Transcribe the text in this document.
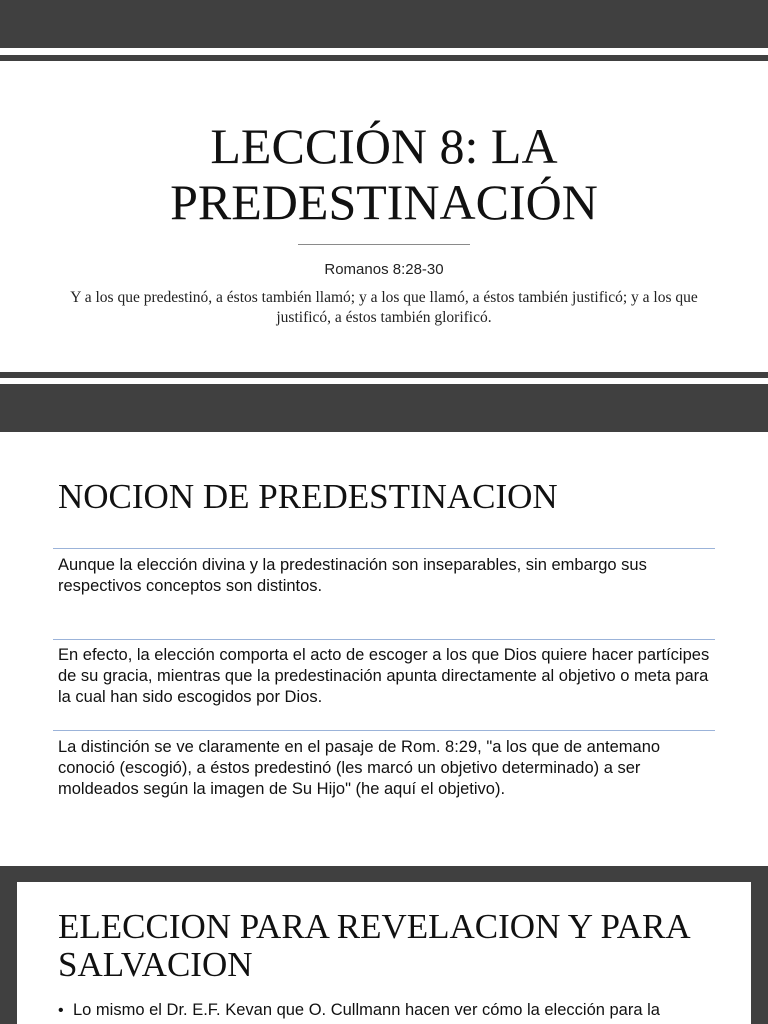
LECCIÓN 8: LA
PREDESTINACIÓN
Romanos 8:28-30
Y a los que predestinó, a éstos también llamó; y a los que llamó, a éstos también justificó; y a los que justificó, a éstos también glorificó.
NOCION DE PREDESTINACION
Aunque la elección divina y la predestinación son inseparables, sin embargo sus respectivos conceptos son distintos.
En efecto, la elección comporta el acto de escoger a los que Dios quiere hacer partícipes de su gracia, mientras que la predestinación apunta directamente al objetivo o meta para la cual han sido escogidos por Dios.
La distinción se ve claramente en el pasaje de Rom. 8:29, "a los que de antemano conoció (escogió), a éstos predestinó (les marcó un objetivo determinado) a ser moldeados según la imagen de Su Hijo" (he aquí el objetivo).
ELECCION PARA REVELACION Y PARA
SALVACION
• Lo mismo el Dr. E.F. Kevan que O. Cullmann hacen ver cómo la elección para la
